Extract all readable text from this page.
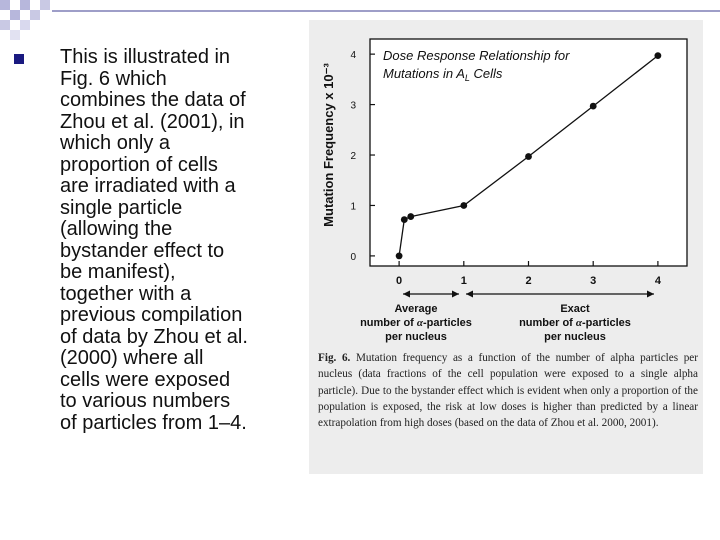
This is illustrated in
Fig. 6 which
combines the data of
Zhou et al. (2001), in
which only a
proportion of cells
are irradiated with a
single particle
(allowing the
bystander effect to
be manifest),
together with a
previous compilation
of data by Zhou et al.
(2000) where all
cells were exposed
to various numbers
of particles from 1–4.
Dose Response Relationship for
Mutations in $A_L$ Cells
Mutation Frequency x 10⁻³
0
1
2
3
4
0	1	2	3	4
Average
number of α-particles
per nucleus
Exact
number of α-particles
per nucleus
Fig. 6. Mutation frequency as a function of the number of alpha particles per nucleus (data fractions of the cell population were exposed to a single alpha particle). Due to the bystander effect which is evident when only a proportion of the population is exposed, the risk at low doses is higher than predicted by a linear extrapolation from high doses (based on the data of Zhou et al. 2000, 2001).
